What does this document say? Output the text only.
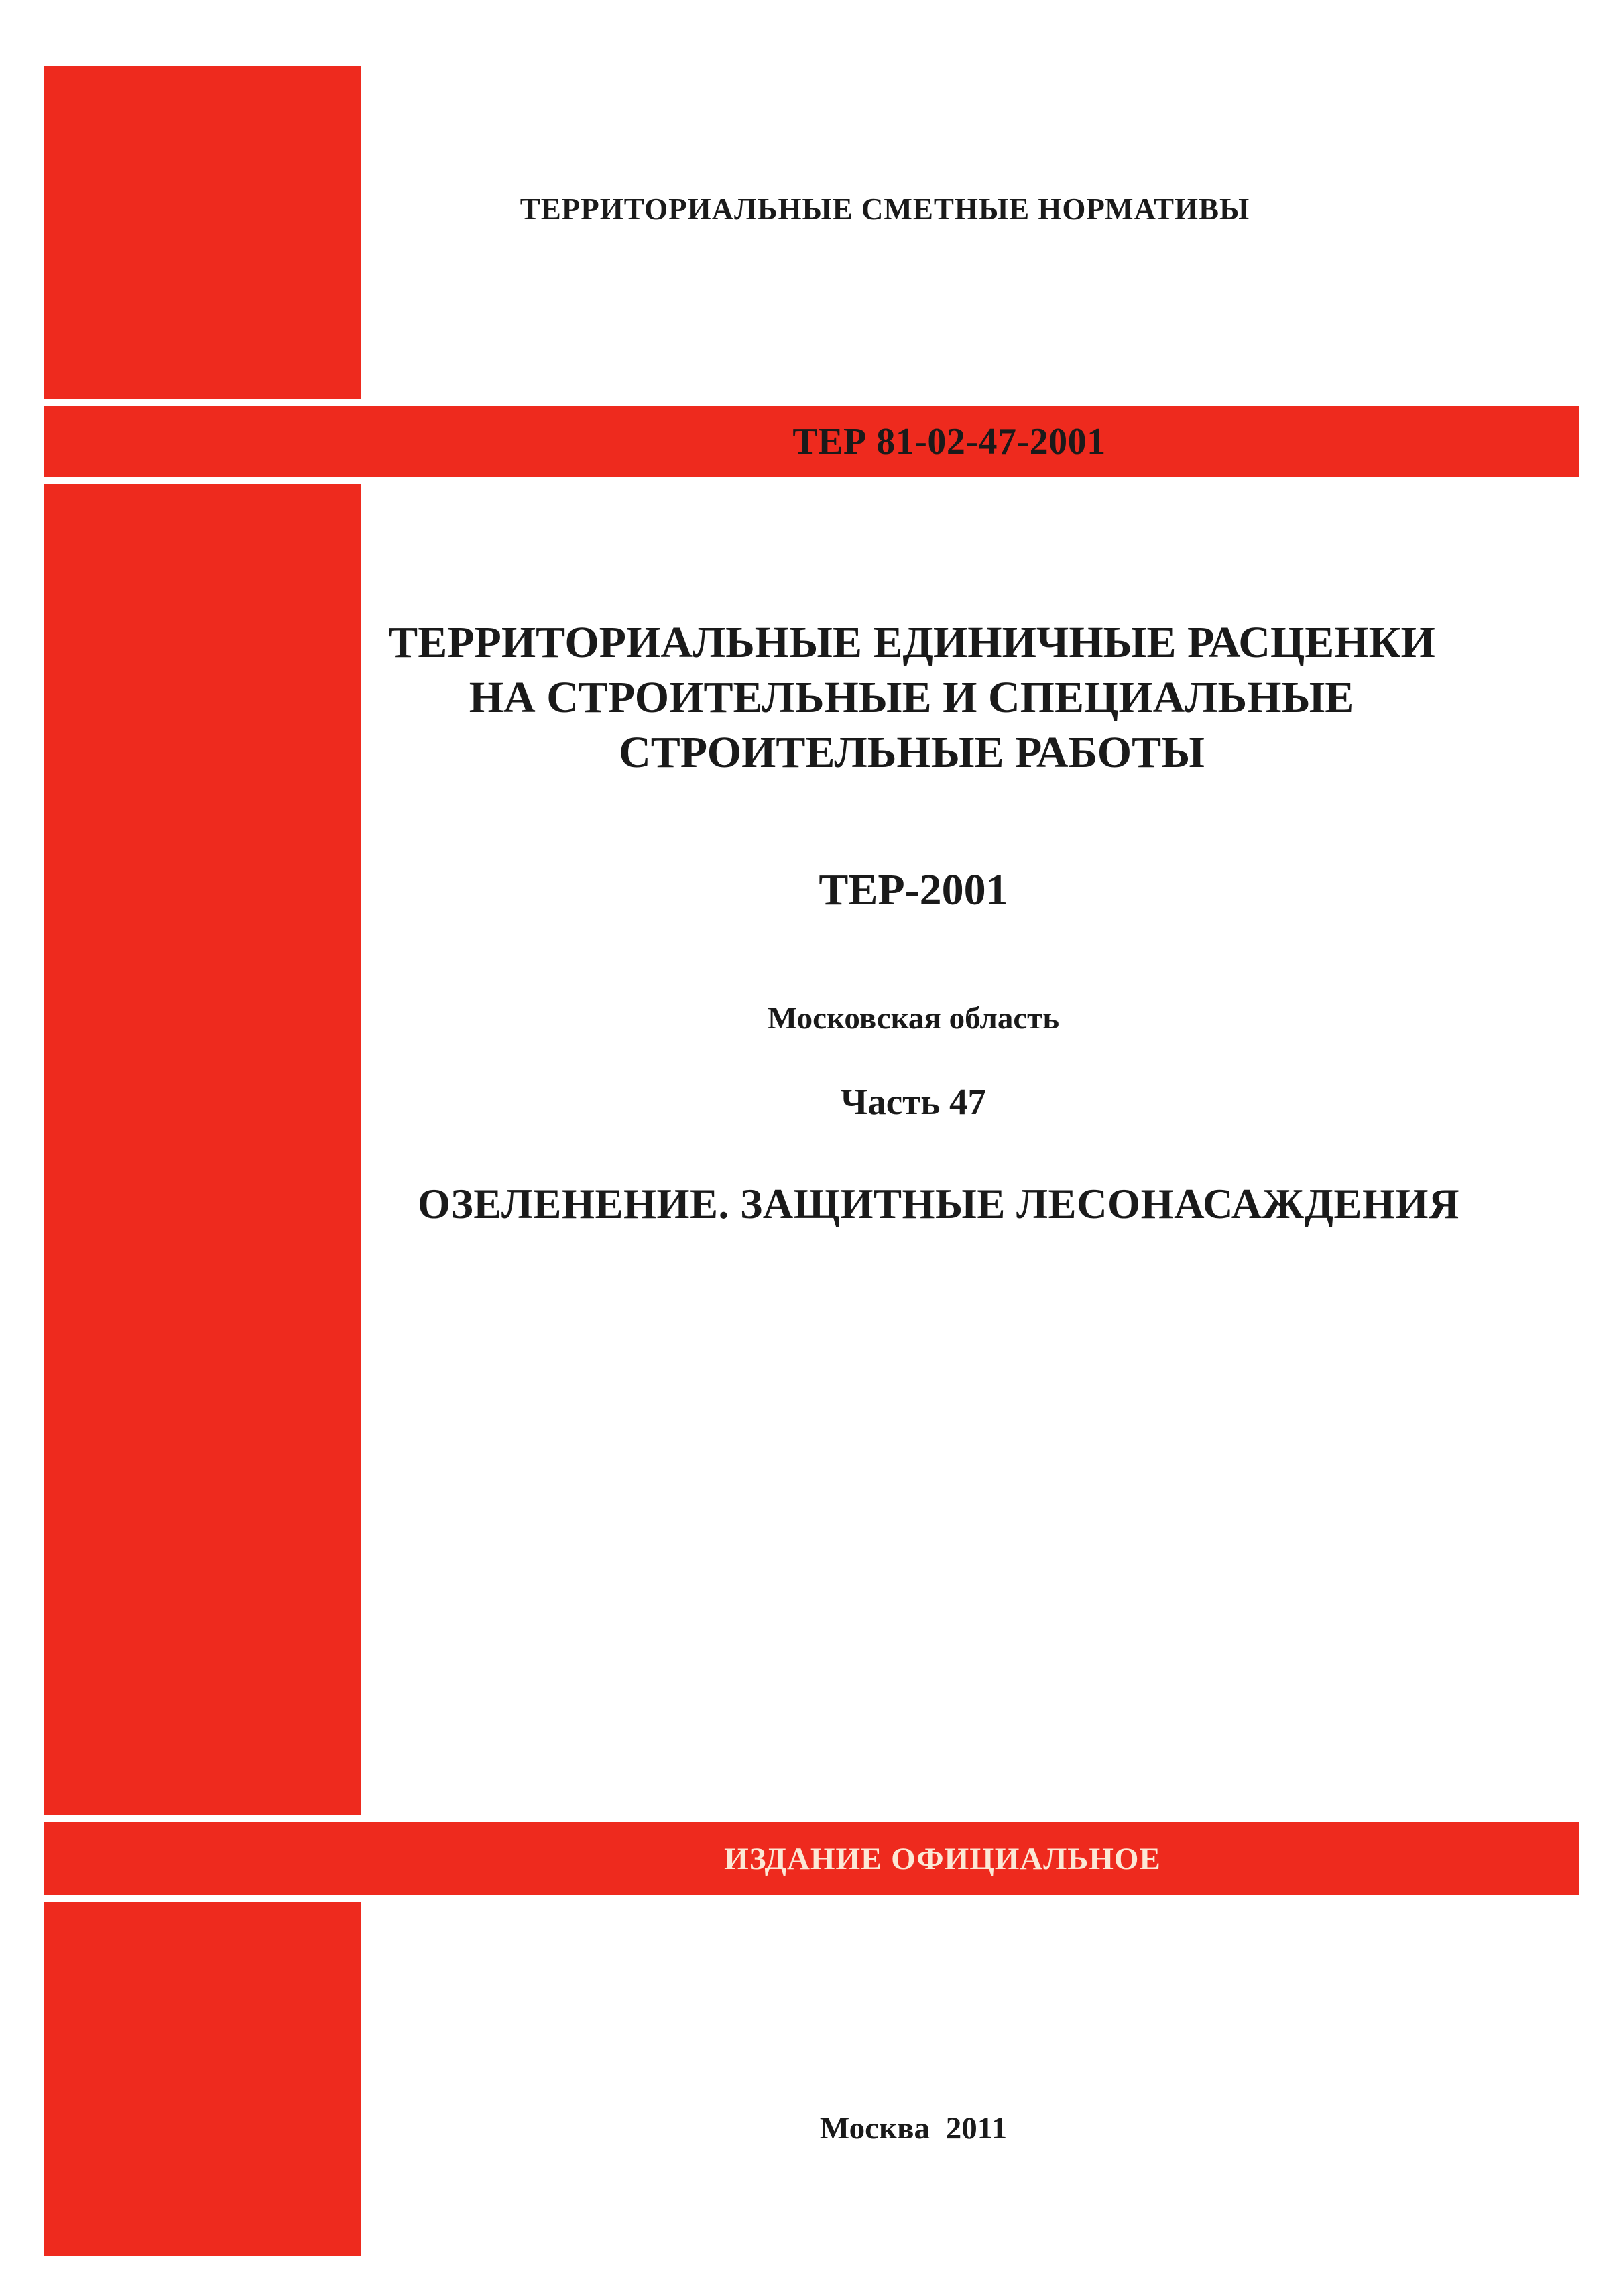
ТЕР 81-02-47-2001
ИЗДАНИЕ ОФИЦИАЛЬНОЕ
ТЕРРИТОРИАЛЬНЫЕ СМЕТНЫЕ НОРМАТИВЫ
ТЕРРИТОРИАЛЬНЫЕ ЕДИНИЧНЫЕ РАСЦЕНКИ
НА СТРОИТЕЛЬНЫЕ И СПЕЦИАЛЬНЫЕ
СТРОИТЕЛЬНЫЕ РАБОТЫ
ТЕР-2001
Московская область
Часть 47
ОЗЕЛЕНЕНИЕ. ЗАЩИТНЫЕ ЛЕСОНАСАЖДЕНИЯ
Москва 2011
